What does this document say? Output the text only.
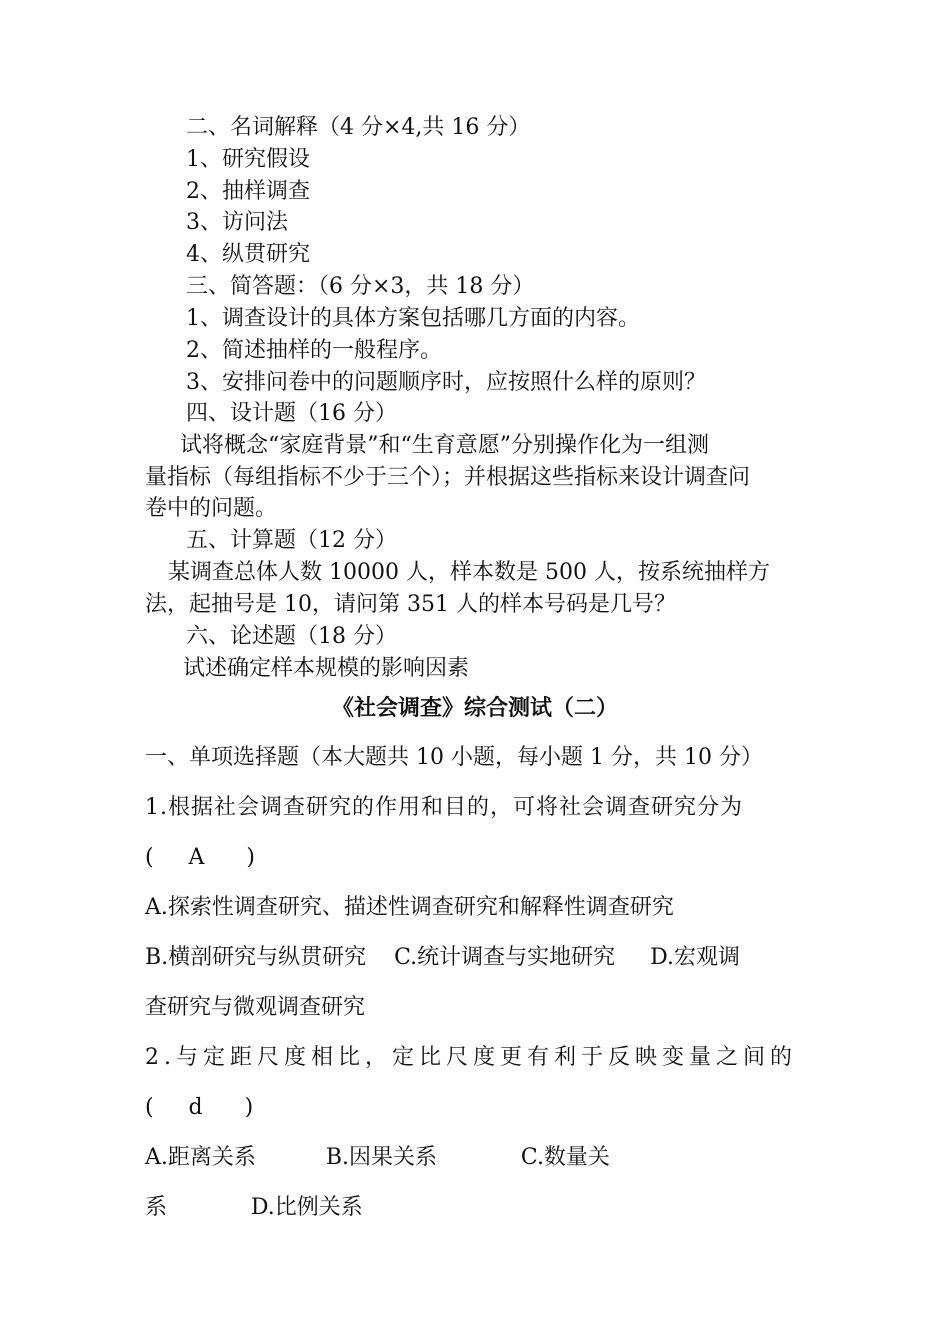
二、名词解释（4 分×4,共 16 分）
1、研究假设
2、抽样调查
3、访问法
4、纵贯研究
三、简答题：（6 分×3，共 18 分）
1、调查设计的具体方案包括哪几方面的内容。
2、简述抽样的一般程序。
3、安排问卷中的问题顺序时，应按照什么样的原则？
四、设计题（16 分）
试将概念“家庭背景”和“生育意愿”分别操作化为一组测
量指标（每组指标不少于三个）；并根据这些指标来设计调查问
卷中的问题。
五、计算题（12 分）
某调查总体人数 10000 人，样本数是 500 人，按系统抽样方
法，起抽号是 10，请问第 351 人的样本号码是几号？
六、论述题（18 分）
试述确定样本规模的影响因素
《社会调查》综合测试（二）
一、单项选择题（本大题共 10 小题，每小题 1 分，共 10 分）
1.根据社会调查研究的作用和目的，可将社会调查研究分为
(     A      )
A.探索性调查研究、描述性调查研究和解释性调查研究
B.横剖研究与纵贯研究    C.统计调查与实地研究     D.宏观调
查研究与微观调查研究
2.与定距尺度相比，定比尺度更有利于反映变量之间的
(     d      )
A.距离关系          B.因果关系            C.数量关
系            D.比例关系
